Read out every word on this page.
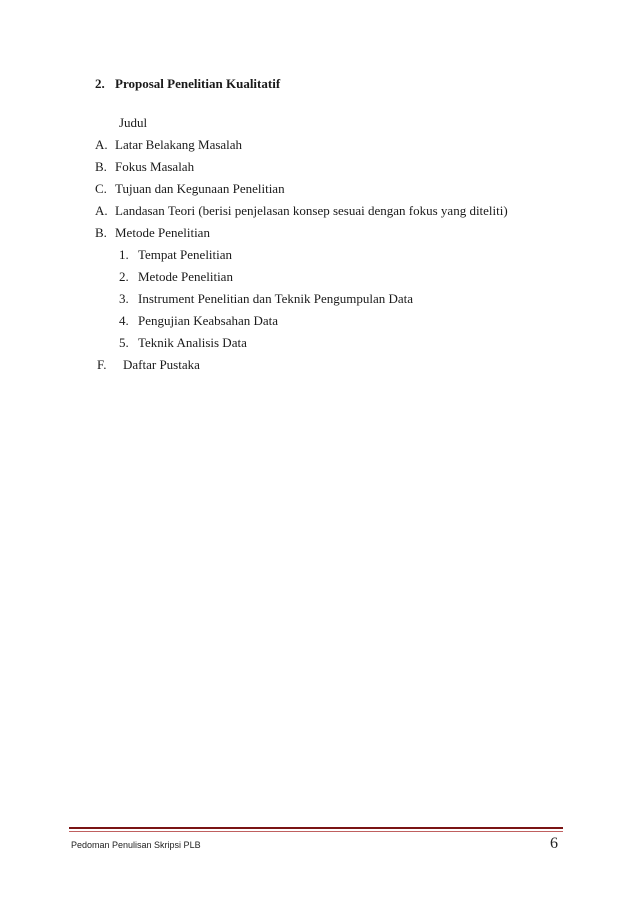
2. Proposal Penelitian Kualitatif
Judul
A. Latar Belakang Masalah
B. Fokus Masalah
C. Tujuan dan Kegunaan Penelitian
A. Landasan Teori (berisi penjelasan konsep sesuai dengan fokus yang diteliti)
B. Metode Penelitian
1. Tempat Penelitian
2. Metode Penelitian
3. Instrument Penelitian dan Teknik Pengumpulan Data
4. Pengujian Keabsahan Data
5. Teknik Analisis Data
F. Daftar Pustaka
Pedoman Penulisan Skripsi PLB	6
